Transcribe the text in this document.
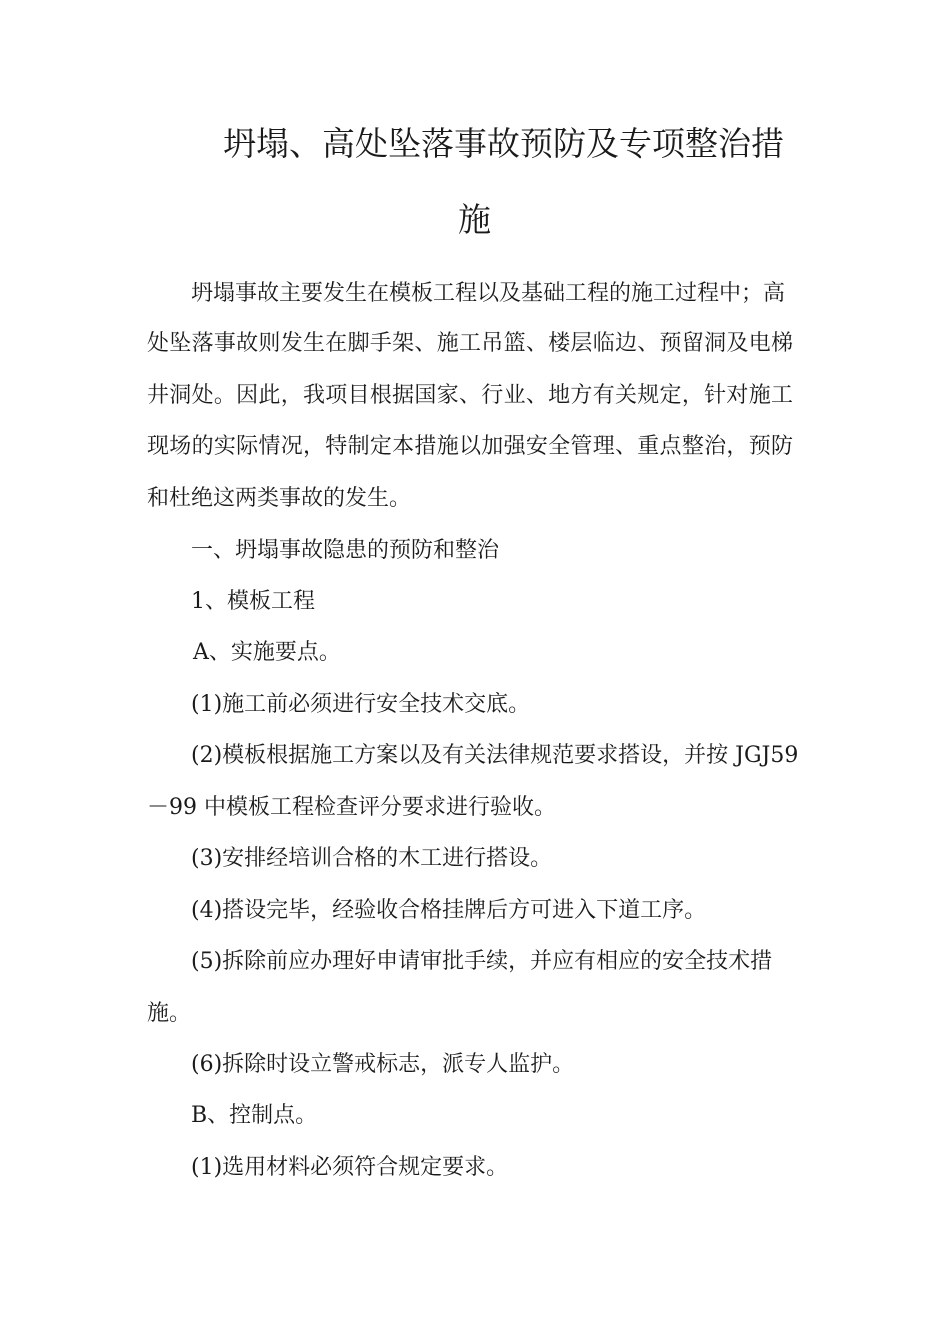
坍塌、高处坠落事故预防及专项整治措
施
坍塌事故主要发生在模板工程以及基础工程的施工过程中；高
处坠落事故则发生在脚手架、施工吊篮、楼层临边、预留洞及电梯
井洞处。因此，我项目根据国家、行业、地方有关规定，针对施工
现场的实际情况，特制定本措施以加强安全管理、重点整治，预防
和杜绝这两类事故的发生。
一、坍塌事故隐患的预防和整治
1、模板工程
A、实施要点。
(1)施工前必须进行安全技术交底。
(2)模板根据施工方案以及有关法律规范要求搭设，并按 JGJ59
－99 中模板工程检查评分要求进行验收。
(3)安排经培训合格的木工进行搭设。
(4)搭设完毕，经验收合格挂牌后方可进入下道工序。
(5)拆除前应办理好申请审批手续，并应有相应的安全技术措
施。
(6)拆除时设立警戒标志，派专人监护。
B、控制点。
(1)选用材料必须符合规定要求。
